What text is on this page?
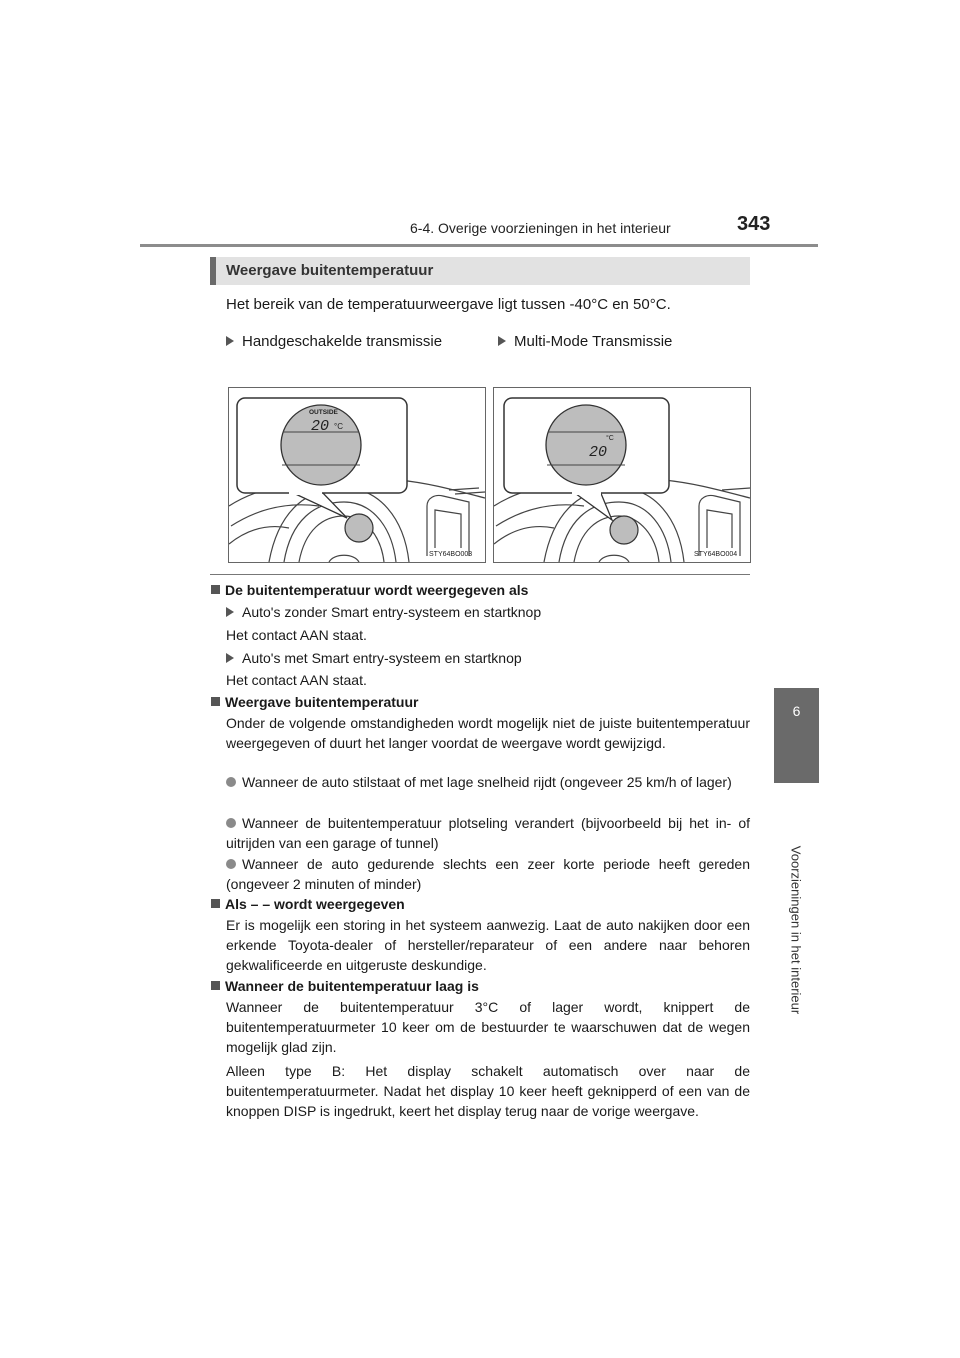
6-4. Overige voorzieningen in het interieur	343
6
Voorzieningen in het interieur
Weergave buitentemperatuur
Het bereik van de temperatuurweergave ligt tussen -40°C en 50°C.
Handgeschakelde transmissie	Multi-Mode Transmissie
OUTSIDE
20 °C
STY64BO003
20
°C
STY64BO004
De buitentemperatuur wordt weergegeven als
Auto's zonder Smart entry-systeem en startknop
Het contact AAN staat.
Auto's met Smart entry-systeem en startknop
Het contact AAN staat.
Weergave buitentemperatuur
Onder de volgende omstandigheden wordt mogelijk niet de juiste buitentemperatuur weergegeven of duurt het langer voordat de weergave wordt gewijzigd.
Wanneer de auto stilstaat of met lage snelheid rijdt (ongeveer 25 km/h of lager)
Wanneer de buitentemperatuur plotseling verandert (bijvoorbeeld bij het in- of uitrijden van een garage of tunnel)
Wanneer de auto gedurende slechts een zeer korte periode heeft gereden (ongeveer 2 minuten of minder)
Als – – wordt weergegeven
Er is mogelijk een storing in het systeem aanwezig. Laat de auto nakijken door een erkende Toyota-dealer of hersteller/reparateur of een andere naar behoren gekwalificeerde en uitgeruste deskundige.
Wanneer de buitentemperatuur laag is
Wanneer de buitentemperatuur 3°C of lager wordt, knippert de buitentemperatuurmeter 10 keer om de bestuurder te waarschuwen dat de wegen mogelijk glad zijn.
Alleen type B: Het display schakelt automatisch over naar de buitentemperatuurmeter. Nadat het display 10 keer heeft geknipperd of een van de knoppen DISP is ingedrukt, keert het display terug naar de vorige weergave.
